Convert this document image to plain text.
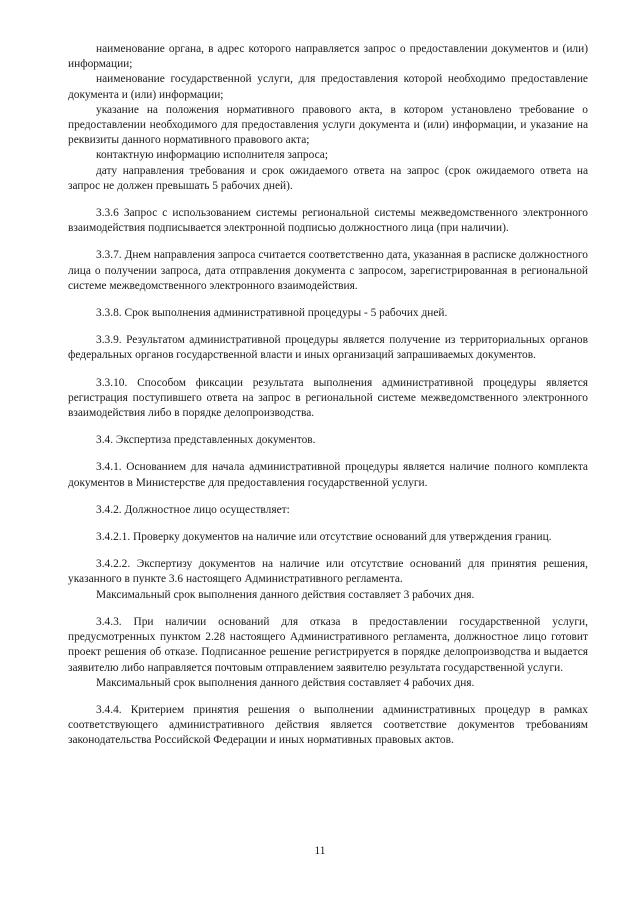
наименование органа, в адрес которого направляется запрос о предоставлении документов и (или) информации;

наименование государственной услуги, для предоставления которой необходимо предоставление документа и (или) информации;

указание на положения нормативного правового акта, в котором установлено требование о предоставлении необходимого для предоставления услуги документа и (или) информации, и указание на реквизиты данного нормативного правового акта;

контактную информацию исполнителя запроса;

дату направления требования и срок ожидаемого ответа на запрос (срок ожидаемого ответа на запрос не должен превышать 5 рабочих дней).

3.3.6 Запрос с использованием системы региональной системы межведомственного электронного взаимодействия подписывается электронной подписью должностного лица (при наличии).

3.3.7. Днем направления запроса считается соответственно дата, указанная в расписке должностного лица о получении запроса, дата отправления документа с запросом, зарегистрированная в региональной системе межведомственного электронного взаимодействия.

3.3.8. Срок выполнения административной процедуры - 5 рабочих дней.

3.3.9. Результатом административной процедуры является получение из территориальных органов федеральных органов государственной власти и иных организаций запрашиваемых документов.

3.3.10. Способом фиксации результата выполнения административной процедуры является регистрация поступившего ответа на запрос в региональной системе межведомственного электронного взаимодействия либо в порядке делопроизводства.

3.4. Экспертиза представленных документов.

3.4.1. Основанием для начала административной процедуры является наличие полного комплекта документов в Министерстве для предоставления государственной услуги.

3.4.2. Должностное лицо осуществляет:

3.4.2.1. Проверку документов на наличие или отсутствие оснований для утверждения границ.

3.4.2.2. Экспертизу документов на наличие или отсутствие оснований для принятия решения, указанного в пункте 3.6 настоящего Административного регламента.

Максимальный срок выполнения данного действия составляет 3 рабочих дня.

3.4.3. При наличии оснований для отказа в предоставлении государственной услуги, предусмотренных пунктом 2.28 настоящего Административного регламента, должностное лицо готовит проект решения об отказе. Подписанное решение регистрируется в порядке делопроизводства и выдается заявителю либо направляется почтовым отправлением заявителю результата государственной услуги.

Максимальный срок выполнения данного действия составляет 4 рабочих дня.

3.4.4. Критерием принятия решения о выполнении административных процедур в рамках соответствующего административного действия является соответствие документов требованиям законодательства Российской Федерации и иных нормативных правовых актов.

11
